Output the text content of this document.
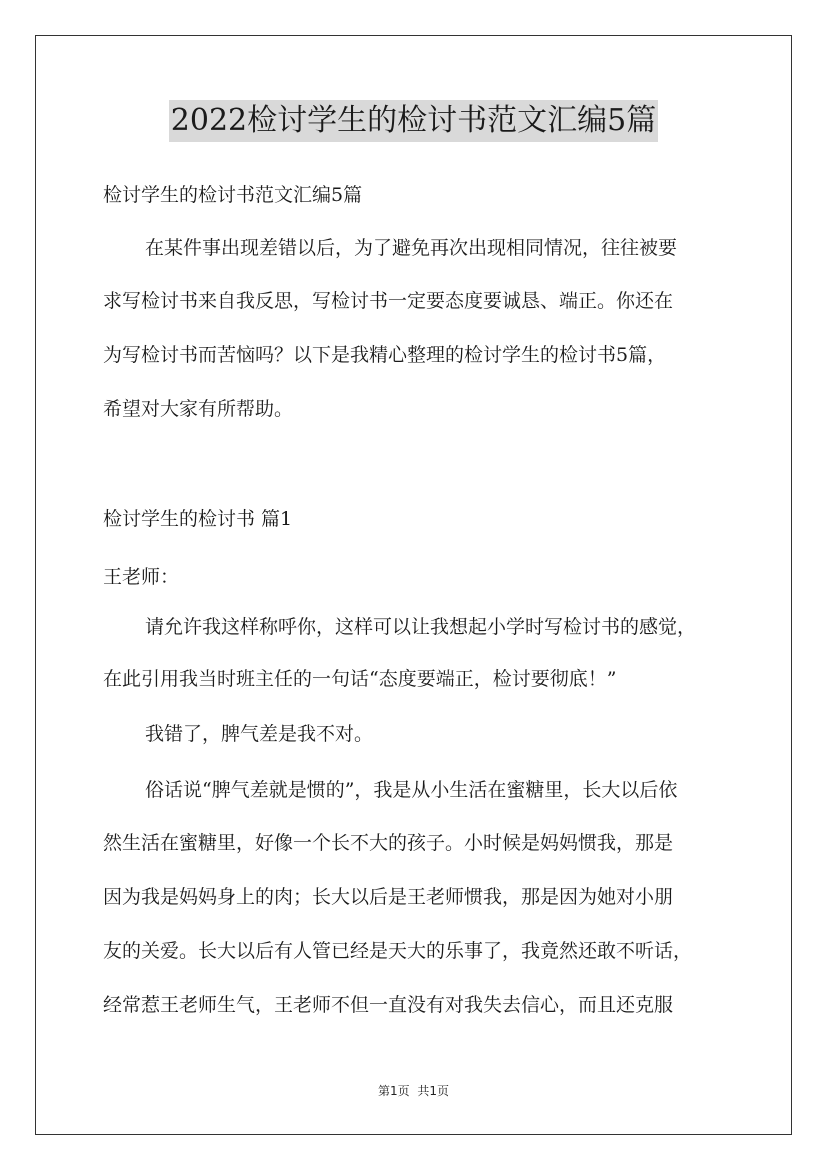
2022检讨学生的检讨书范文汇编5篇
检讨学生的检讨书范文汇编5篇
在某件事出现差错以后，为了避免再次出现相同情况，往往被要
求写检讨书来自我反思，写检讨书一定要态度要诚恳、端正。你还在
为写检讨书而苦恼吗？以下是我精心整理的检讨学生的检讨书5篇，
希望对大家有所帮助。
检讨学生的检讨书 篇1
王老师：
请允许我这样称呼你，这样可以让我想起小学时写检讨书的感觉，
在此引用我当时班主任的一句话“态度要端正，检讨要彻底！”
我错了，脾气差是我不对。
俗话说“脾气差就是惯的”，我是从小生活在蜜糖里，长大以后依
然生活在蜜糖里，好像一个长不大的孩子。小时候是妈妈惯我，那是
因为我是妈妈身上的肉；长大以后是王老师惯我，那是因为她对小朋
友的关爱。长大以后有人管已经是天大的乐事了，我竟然还敢不听话，
经常惹王老师生气，王老师不但一直没有对我失去信心，而且还克服
第1页 共1页
